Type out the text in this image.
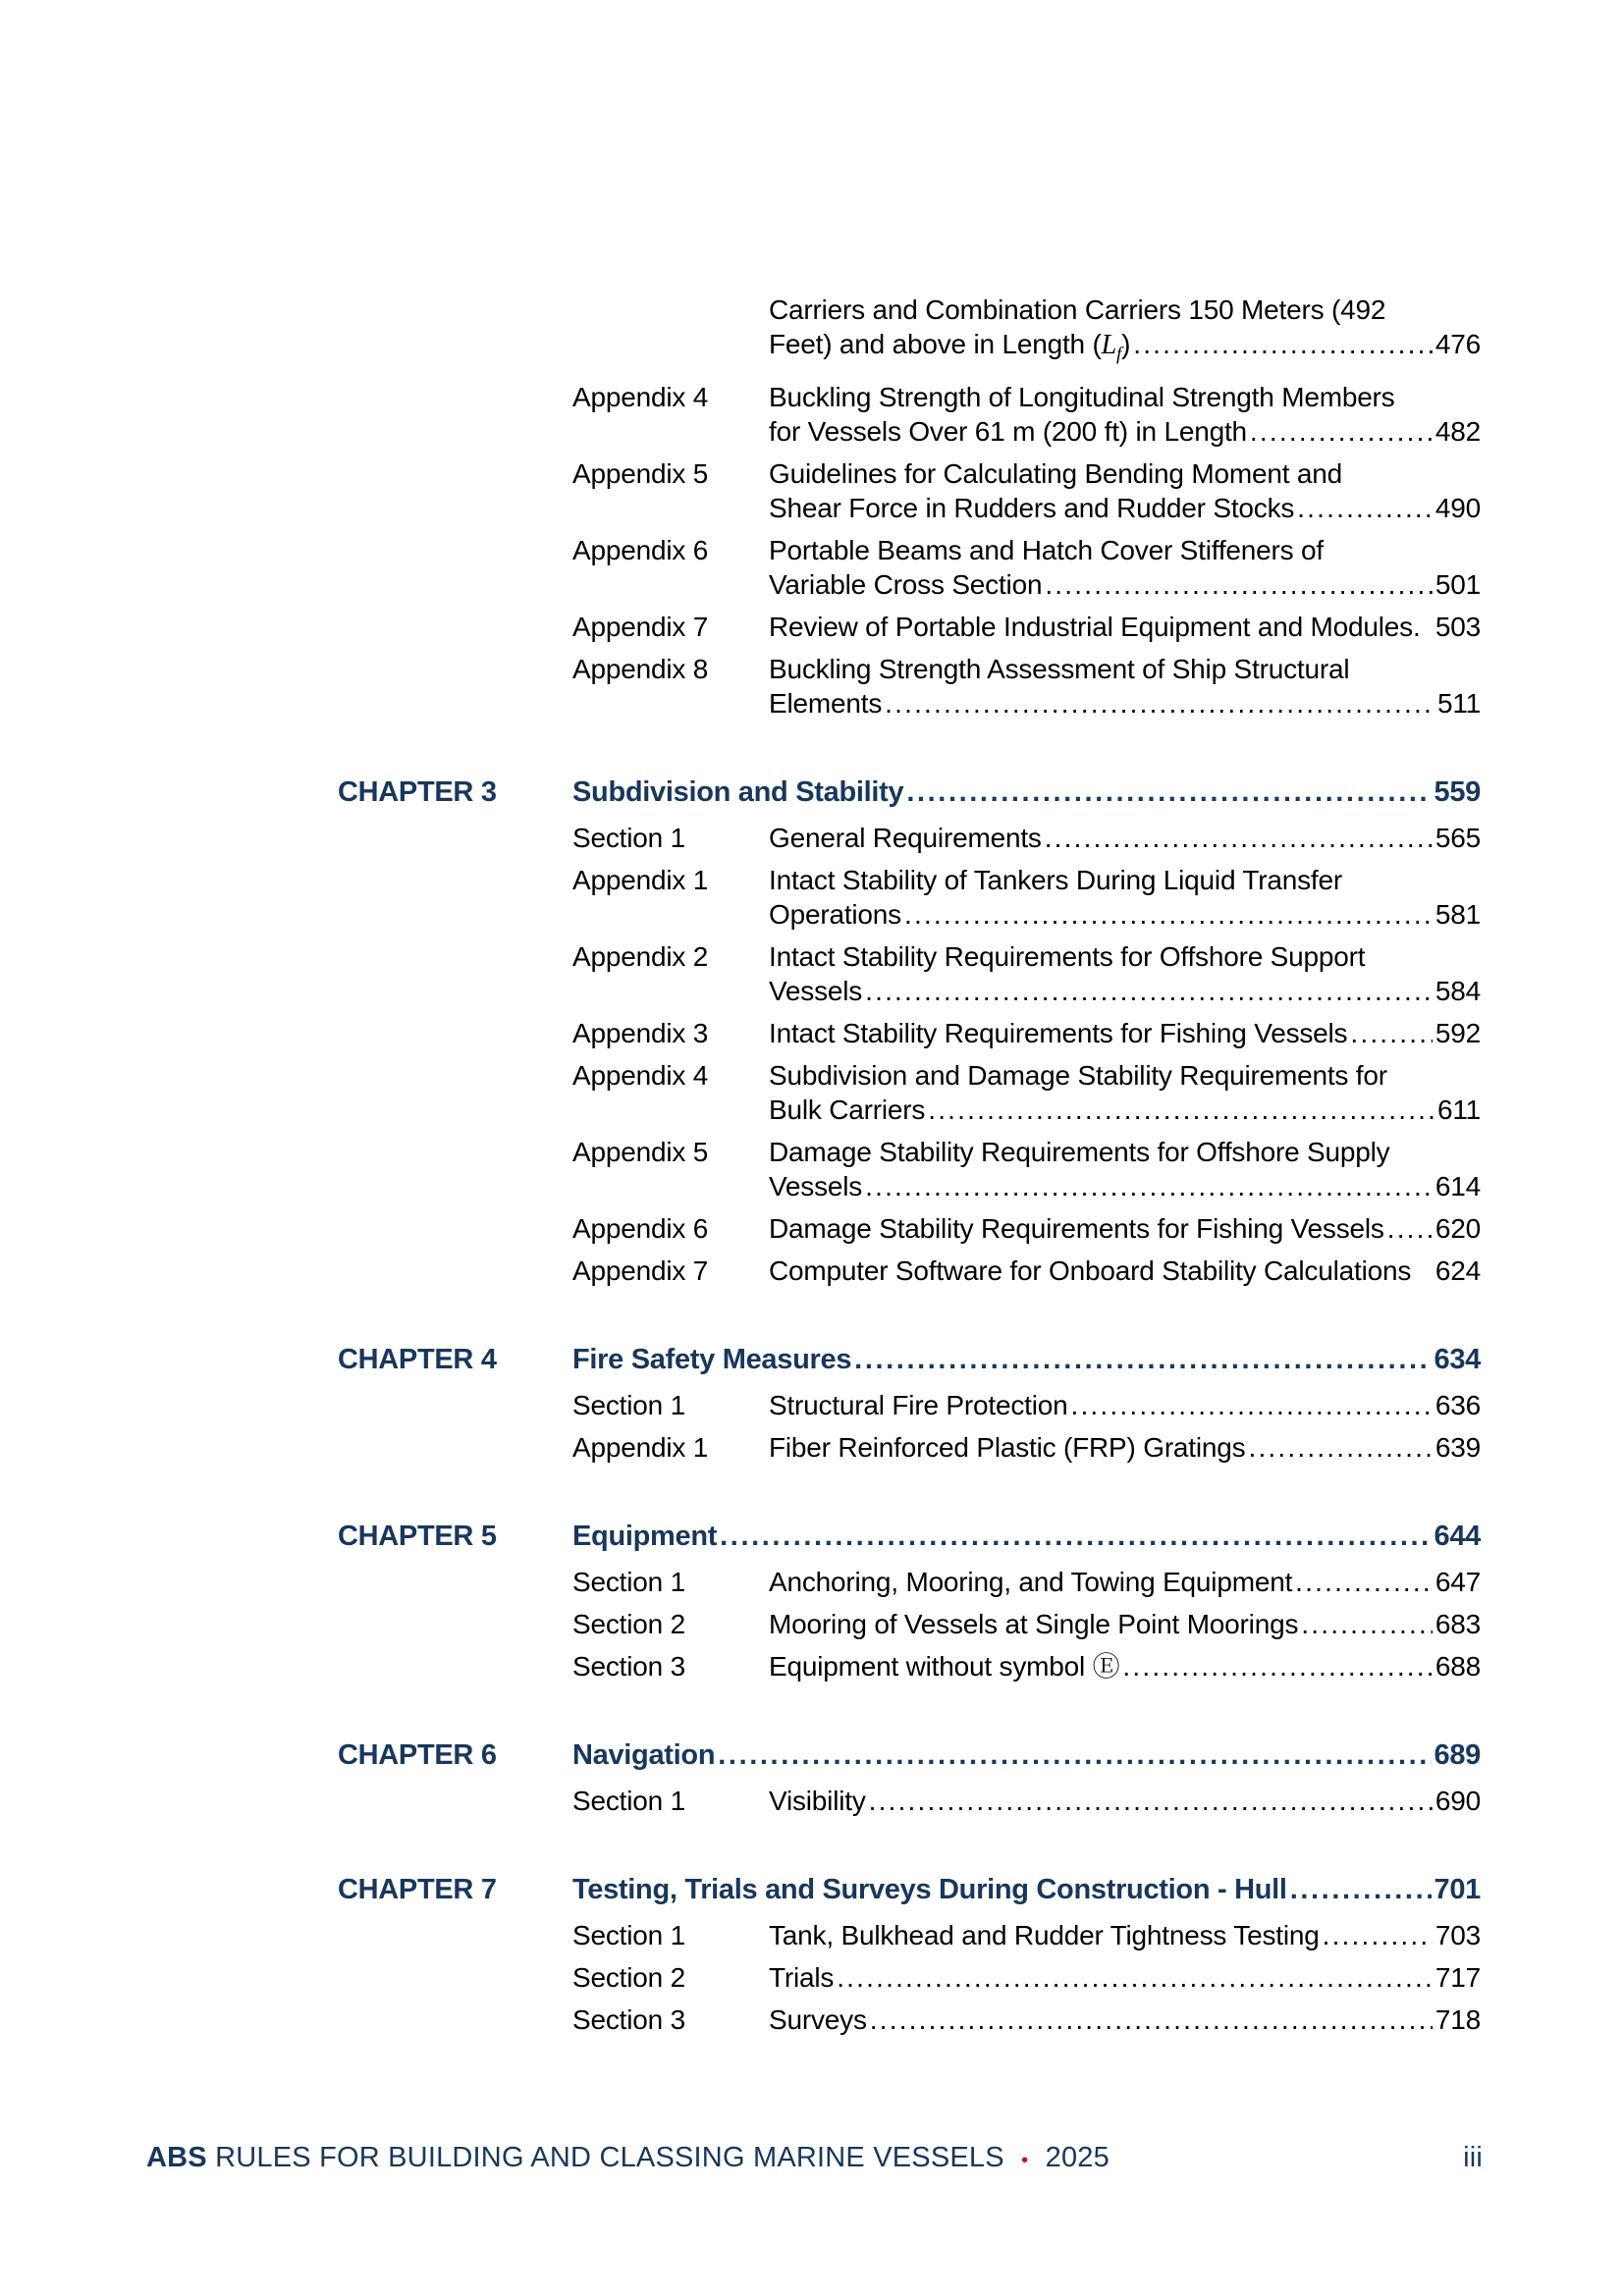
Carriers and Combination Carriers 150 Meters (492
Feet) and above in Length $(L_f)$ .....	476
Appendix 4	Buckling Strength of Longitudinal Strength Members
for Vessels Over 61 m (200 ft) in Length .....	482
Appendix 5	Guidelines for Calculating Bending Moment and
Shear Force in Rudders and Rudder Stocks .....	490
Appendix 6	Portable Beams and Hatch Cover Stiffeners of
Variable Cross Section .....	501
Appendix 7	Review of Portable Industrial Equipment and Modules. 503
Appendix 8	Buckling Strength Assessment of Ship Structural
Elements .....	511
CHAPTER 3	Subdivision and Stability .....	559
Section 1	General Requirements .....	565
Appendix 1	Intact Stability of Tankers During Liquid Transfer
Operations .....	581
Appendix 2	Intact Stability Requirements for Offshore Support
Vessels .....	584
Appendix 3	Intact Stability Requirements for Fishing Vessels .....	592
Appendix 4	Subdivision and Damage Stability Requirements for
Bulk Carriers .....	611
Appendix 5	Damage Stability Requirements for Offshore Supply
Vessels .....	614
Appendix 6	Damage Stability Requirements for Fishing Vessels ..... 620
Appendix 7	Computer Software for Onboard Stability Calculations 624
CHAPTER 4	Fire Safety Measures .....	634
Section 1	Structural Fire Protection .....	636
Appendix 1	Fiber Reinforced Plastic (FRP) Gratings .....	639
CHAPTER 5	Equipment .....	644
Section 1	Anchoring, Mooring, and Towing Equipment .....	647
Section 2	Mooring of Vessels at Single Point Moorings .....	683
Section 3	Equipment without symbol Ⓔ .....	688
CHAPTER 6	Navigation .....	689
Section 1	Visibility .....	690
CHAPTER 7	Testing, Trials and Surveys During Construction - Hull .....	701
Section 1	Tank, Bulkhead and Rudder Tightness Testing .....	703
Section 2	Trials .....	717
Section 3	Surveys .....	718
ABS RULES FOR BUILDING AND CLASSING MARINE VESSELS • 2025	iii
